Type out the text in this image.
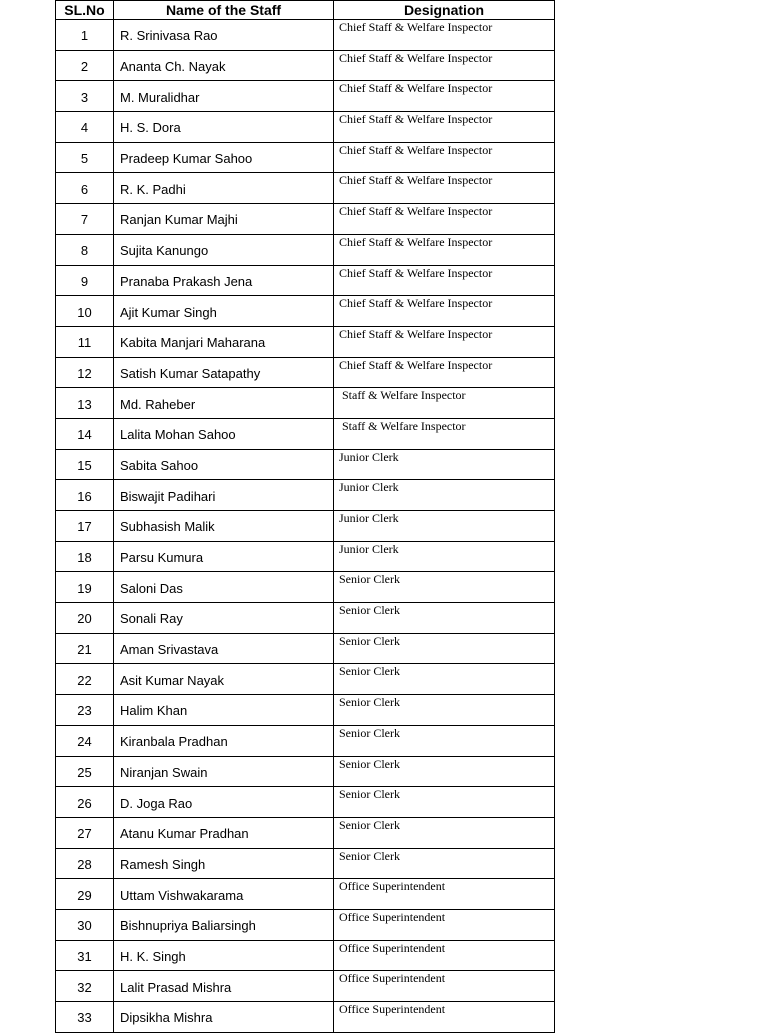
SL.No	Name of the Staff	Designation
1	R. Srinivasa Rao	Chief Staff & Welfare Inspector
2	Ananta Ch. Nayak	Chief Staff & Welfare Inspector
3	M. Muralidhar	Chief Staff & Welfare Inspector
4	H. S. Dora	Chief Staff & Welfare Inspector
5	Pradeep Kumar Sahoo	Chief Staff & Welfare Inspector
6	R. K. Padhi	Chief Staff & Welfare Inspector
7	Ranjan Kumar Majhi	Chief Staff & Welfare Inspector
8	Sujita Kanungo	Chief Staff & Welfare Inspector
9	Pranaba Prakash Jena	Chief Staff & Welfare Inspector
10	Ajit Kumar Singh	Chief Staff & Welfare Inspector
11	Kabita Manjari Maharana	Chief Staff & Welfare Inspector
12	Satish Kumar Satapathy	Chief Staff & Welfare Inspector
13	Md. Raheber	Staff & Welfare Inspector
14	Lalita Mohan Sahoo	Staff & Welfare Inspector
15	Sabita Sahoo	Junior Clerk
16	Biswajit Padihari	Junior Clerk
17	Subhasish Malik	Junior Clerk
18	Parsu Kumura	Junior Clerk
19	Saloni Das	Senior Clerk
20	Sonali Ray	Senior Clerk
21	Aman Srivastava	Senior Clerk
22	Asit Kumar Nayak	Senior Clerk
23	Halim Khan	Senior Clerk
24	Kiranbala Pradhan	Senior Clerk
25	Niranjan Swain	Senior Clerk
26	D. Joga Rao	Senior Clerk
27	Atanu Kumar Pradhan	Senior Clerk
28	Ramesh Singh	Senior Clerk
29	Uttam Vishwakarama	Office Superintendent
30	Bishnupriya Baliarsingh	Office Superintendent
31	H. K. Singh	Office Superintendent
32	Lalit Prasad Mishra	Office Superintendent
33	Dipsikha Mishra	Office Superintendent
